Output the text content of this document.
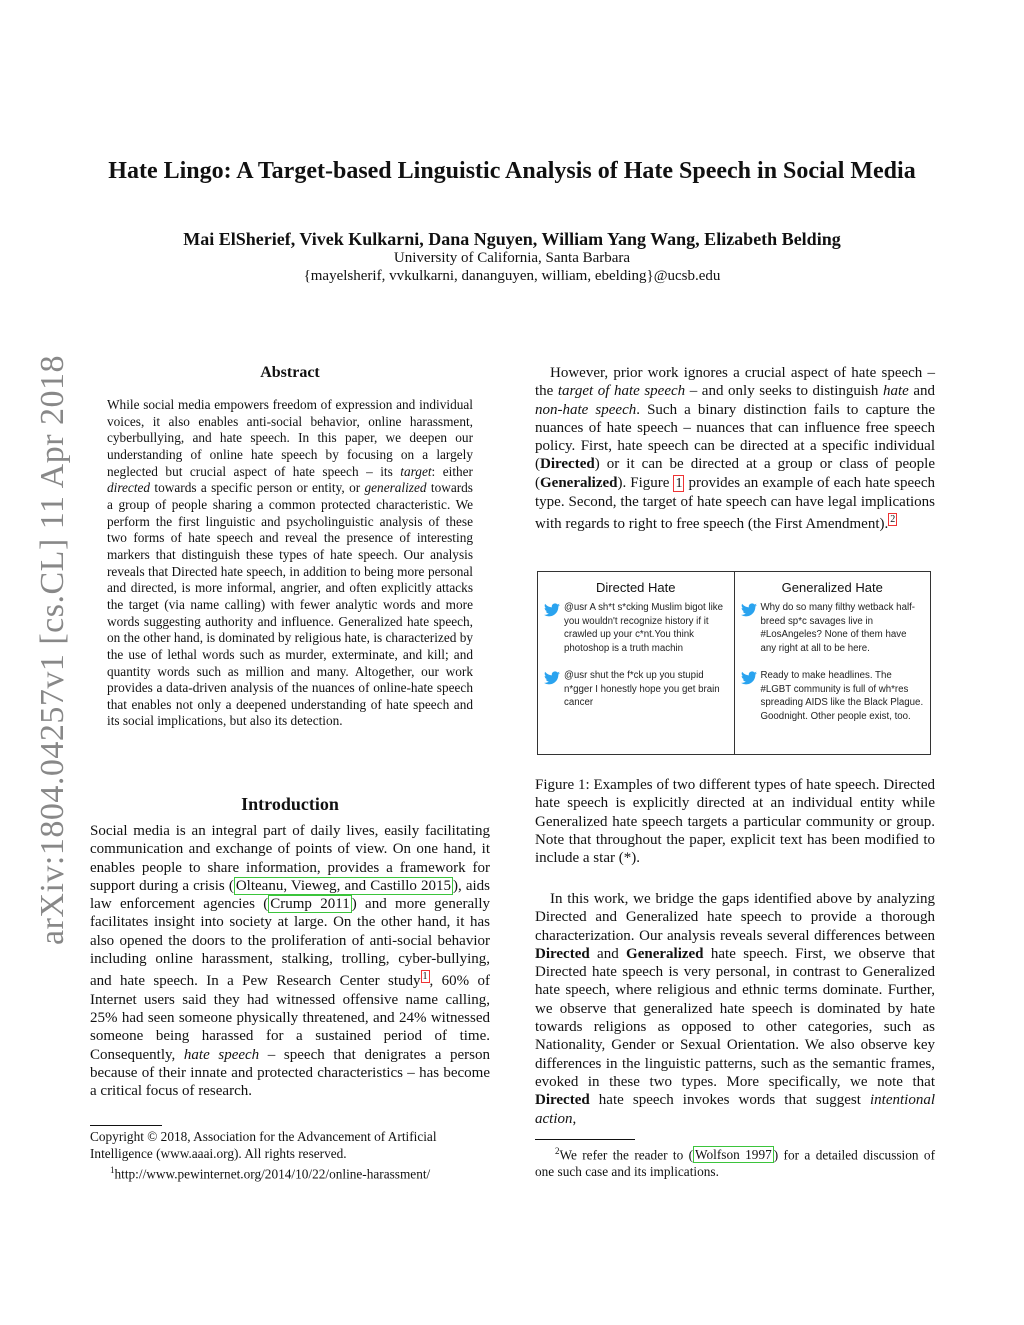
Hate Lingo: A Target-based Linguistic Analysis of Hate Speech in Social Media
Mai ElSherief, Vivek Kulkarni, Dana Nguyen, William Yang Wang, Elizabeth Belding
University of California, Santa Barbara
{mayelsherif, vvkulkarni, dananguyen, william, ebelding}@ucsb.edu
arXiv:1804.04257v1 [cs.CL] 11 Apr 2018	Abstract
While social media empowers freedom of expression and individual voices, it also enables anti-social behavior, online harassment, cyberbullying, and hate speech. In this paper, we deepen our understanding of online hate speech by focusing on a largely neglected but crucial aspect of hate speech – its target: either directed towards a specific person or entity, or generalized towards a group of people sharing a common protected characteristic. We perform the first linguistic and psycholinguistic analysis of these two forms of hate speech and reveal the presence of interesting markers that distinguish these types of hate speech. Our analysis reveals that Directed hate speech, in addition to being more personal and directed, is more informal, angrier, and often explicitly attacks the target (via name calling) with fewer analytic words and more words suggesting authority and influence. Generalized hate speech, on the other hand, is dominated by religious hate, is characterized by the use of lethal words such as murder, exterminate, and kill; and quantity words such as million and many. Altogether, our work provides a data-driven analysis of the nuances of online-hate speech that enables not only a deepened understanding of hate speech and its social implications, but also its detection.
Introduction
Social media is an integral part of daily lives, easily facilitating communication and exchange of points of view. On one hand, it enables people to share information, provides a framework for support during a crisis ( Olteanu, Vieweg, and Castillo 2015 ), aids law enforcement agencies ( Crump 2011 ) and more generally facilitates insight into society at large. On the other hand, it has also opened the doors to the proliferation of anti-social behavior including online harassment, stalking, trolling, cyber-bullying, and hate speech. In a Pew Research Center study $^1$ , 60% of Internet users said they had witnessed offensive name calling, 25% had seen someone physically threatened, and 24% witnessed someone being harassed for a sustained period of time. Consequently, hate speech – speech that denigrates a person because of their innate and protected characteristics – has become a critical focus of research.
Copyright © 2018, Association for the Advancement of Artificial Intelligence (www.aaai.org). All rights reserved.
$^1$http://www.pewinternet.org/2014/10/22/online-harassment/
However, prior work ignores a crucial aspect of hate speech – the target of hate speech – and only seeks to distinguish hate and non-hate speech. Such a binary distinction fails to capture the nuances of hate speech – nuances that can influence free speech policy. First, hate speech can be directed at a specific individual (Directed) or it can be directed at a group or class of people (Generalized). Figure 1 provides an example of each hate speech type. Second, the target of hate speech can have legal implications with regards to right to free speech (the First Amendment). $^2$
Directed Hate
@usr A sh*t s*cking Muslim bigot like you wouldn't recognize history if it crawled up your c*nt.You think photoshop is a truth machin
@usr shut the f*ck up you stupid n*gger I honestly hope you get brain cancer
Generalized Hate
Why do so many filthy wetback half-breed sp*c savages live in #LosAngeles? None of them have any right at all to be here.
Ready to make headlines. The #LGBT community is full of wh*res spreading AIDS like the Black Plague. Goodnight. Other people exist, too.
Figure 1: Examples of two different types of hate speech. Directed hate speech is explicitly directed at an individual entity while Generalized hate speech targets a particular community or group. Note that throughout the paper, explicit text has been modified to include a star (*).
In this work, we bridge the gaps identified above by analyzing Directed and Generalized hate speech to provide a thorough characterization. Our analysis reveals several differences between Directed and Generalized hate speech. First, we observe that Directed hate speech is very personal, in contrast to Generalized hate speech, where religious and ethnic terms dominate. Further, we observe that generalized hate speech is dominated by hate towards religions as opposed to other categories, such as Nationality, Gender or Sexual Orientation. We also observe key differences in the linguistic patterns, such as the semantic frames, evoked in these two types. More specifically, we note that Directed hate speech invokes words that suggest intentional action,
$^2$We refer the reader to ( Wolfson 1997 ) for a detailed discussion of one such case and its implications.
